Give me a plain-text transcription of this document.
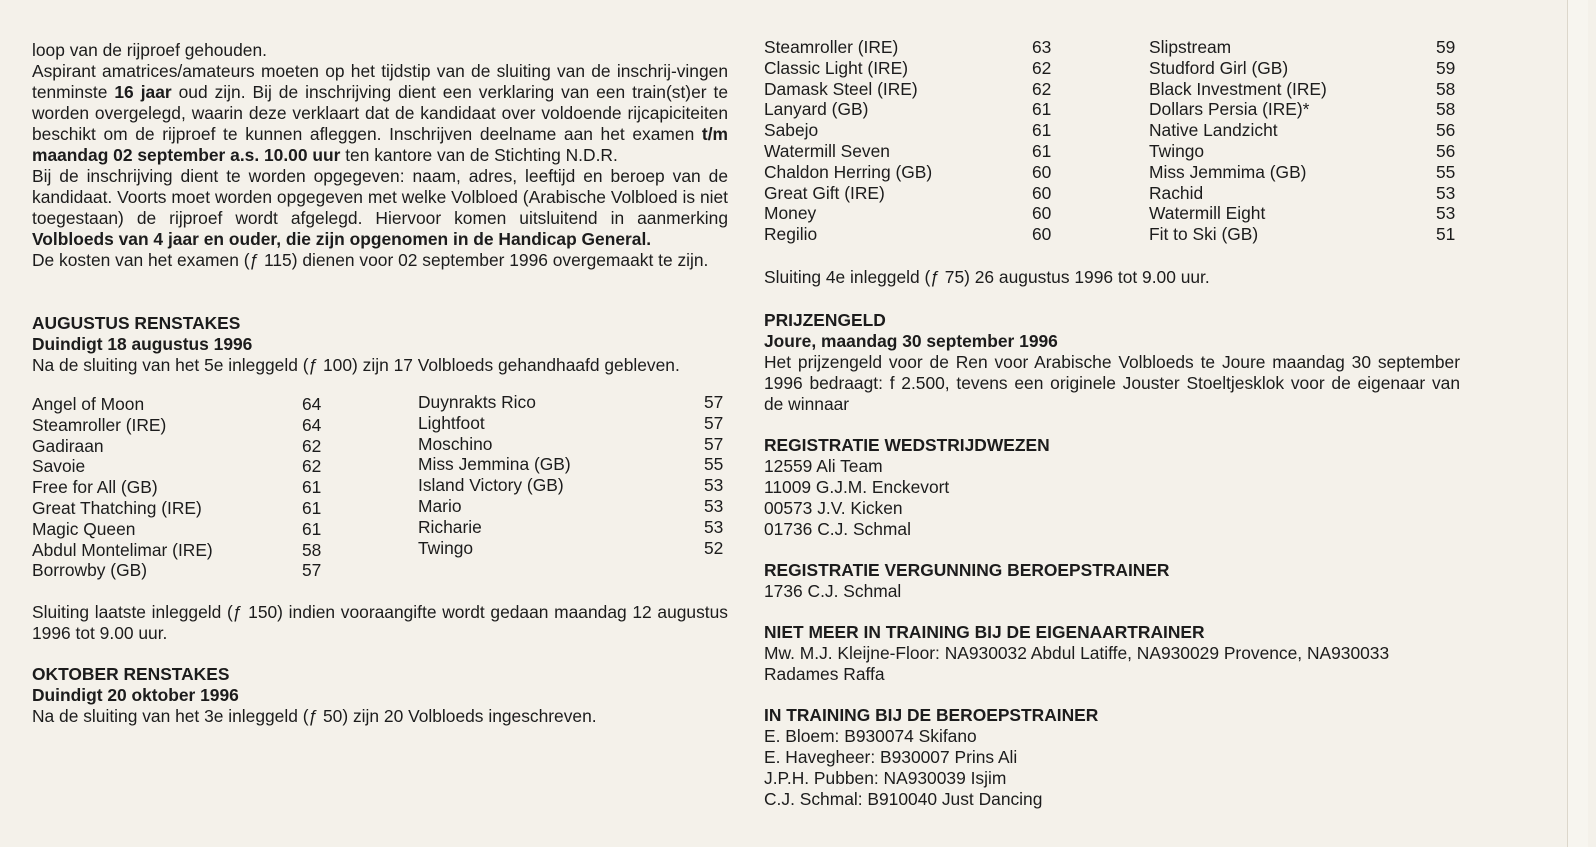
loop van de rijproef gehouden.

Aspirant amatrices/amateurs moeten op het tijdstip van de sluiting van de inschrij-vingen tenminste 16 jaar oud zijn. Bij de inschrijving dient een verklaring van een train(st)er te worden overgelegd, waarin deze verklaart dat de kandidaat over voldoende rijcapiciteiten beschikt om de rijproef te kunnen afleggen. Inschrijven deelname aan het examen t/m maandag 02 september a.s. 10.00 uur ten kantore van de Stichting N.D.R.

Bij de inschrijving dient te worden opgegeven: naam, adres, leeftijd en beroep van de kandidaat. Voorts moet worden opgegeven met welke Volbloed (Arabische Volbloed is niet toegestaan) de rijproef wordt afgelegd. Hiervoor komen uitsluitend in aanmerking Volbloeds van 4 jaar en ouder, die zijn opgenomen in de Handicap General.

De kosten van het examen (ƒ 115) dienen voor 02 september 1996 overgemaakt te zijn.

AUGUSTUS RENSTAKES

Duindigt 18 augustus 1996

Na de sluiting van het 5e inleggeld (ƒ 100) zijn 17 Volbloeds gehandhaafd gebleven.

Angel of Moon	64
Steamroller (IRE)	64
Gadiraan	62
Savoie	62
Free for All (GB)	61
Great Thatching (IRE)	61
Magic Queen	61
Abdul Montelimar (IRE)	58
Borrowby (GB)	57
Duynrakts Rico	57
Lightfoot	57
Moschino	57
Miss Jemmina (GB)	55
Island Victory (GB)	53
Mario	53
Richarie	53
Twingo	52

Sluiting laatste inleggeld (ƒ 150) indien vooraangifte wordt gedaan maandag 12 augustus 1996 tot 9.00 uur.

OKTOBER RENSTAKES

Duindigt 20 oktober 1996

Na de sluiting van het 3e inleggeld (ƒ 50) zijn 20 Volbloeds ingeschreven.

Steamroller (IRE)	63
Classic Light (IRE)	62
Damask Steel (IRE)	62
Lanyard (GB)	61
Sabejo	61
Watermill Seven	61
Chaldon Herring (GB)	60
Great Gift (IRE)	60
Money	60
Regilio	60
Slipstream	59
Studford Girl (GB)	59
Black Investment (IRE)	58
Dollars Persia (IRE)*	58
Native Landzicht	56
Twingo	56
Miss Jemmima (GB)	55
Rachid	53
Watermill Eight	53
Fit to Ski (GB)	51

Sluiting 4e inleggeld (ƒ 75) 26 augustus 1996 tot 9.00 uur.

PRIJZENGELD

Joure, maandag 30 september 1996

Het prijzengeld voor de Ren voor Arabische Volbloeds te Joure maandag 30 september 1996 bedraagt: f 2.500, tevens een originele Jouster Stoeltjesklok voor de eigenaar van de winnaar

REGISTRATIE WEDSTRIJDWEZEN

12559 Ali Team

11009 G.J.M. Enckevort

00573 J.V. Kicken

01736 C.J. Schmal

REGISTRATIE VERGUNNING BEROEPSTRAINER

1736 C.J. Schmal

NIET MEER IN TRAINING BIJ DE EIGENAARTRAINER

Mw. M.J. Kleijne-Floor: NA930032 Abdul Latiffe, NA930029 Provence, NA930033 Radames Raffa

IN TRAINING BIJ DE BEROEPSTRAINER

E. Bloem: B930074 Skifano

E. Havegheer: B930007 Prins Ali

J.P.H. Pubben: NA930039 Isjim

C.J. Schmal: B910040 Just Dancing
